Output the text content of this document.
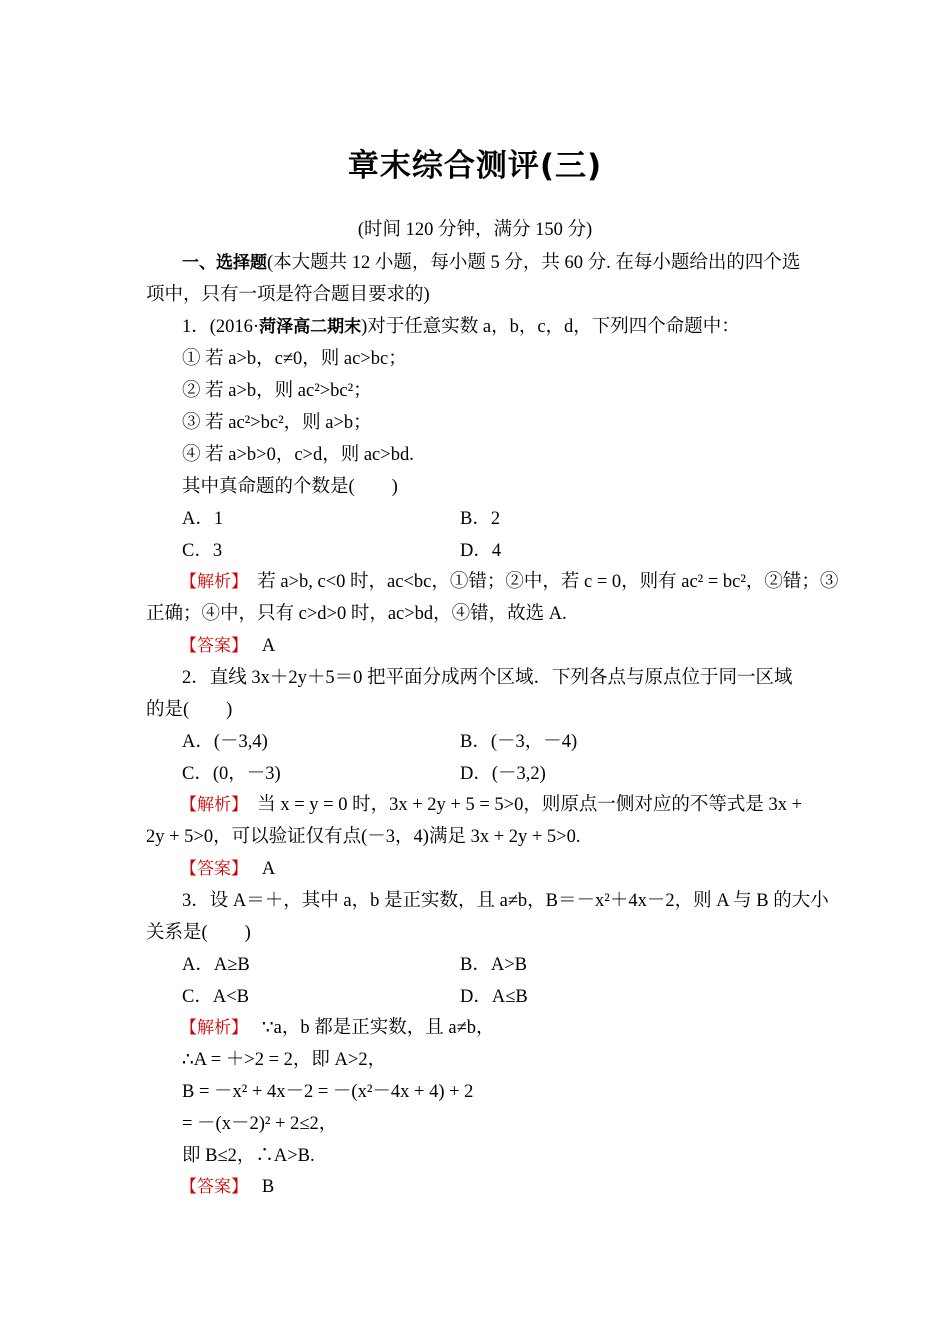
章末综合测评(三)
(时间 120 分钟，满分 150 分)
一、选择题(本大题共 12 小题，每小题 5 分，共 60 分. 在每小题给出的四个选
项中，只有一项是符合题目要求的)
1．(2016·菏泽高二期末)对于任意实数 a，b，c，d，下列四个命题中：
① 若 a>b，c≠0，则 ac>bc；
② 若 a>b，则 ac²>bc²；
③ 若 ac²>bc²，则 a>b；
④ 若 a>b>0，c>d，则 ac>bd.
其中真命题的个数是(　　)
A．1	B．2
C．3	D．4
【解析】 若 a>b, c<0 时，ac<bc，①错；②中，若 c = 0，则有 ac² = bc²，②错；③
正确；④中，只有 c>d>0 时，ac>bd，④错，故选 A.
【答案】 A
2．直线 3x＋2y＋5＝0 把平面分成两个区域．下列各点与原点位于同一区域
的是(　　)
A．(－3,4)	B．(－3，－4)
C．(0，－3)	D．(－3,2)
【解析】 当 x = y = 0 时，3x + 2y + 5 = 5>0，则原点一侧对应的不等式是 3x +
2y + 5>0，可以验证仅有点(－3，4)满足 3x + 2y + 5>0.
【答案】 A
3．设 A＝＋，其中 a，b 是正实数，且 a≠b，B＝－x²＋4x－2，则 A 与 B 的大小
关系是(　　)
A．A≥B	B．A>B
C．A<B	D．A≤B
【解析】 ∵a，b 都是正实数，且 a≠b，
∴A = ＋>2 = 2，即 A>2，
B = －x² + 4x－2 = －(x²－4x + 4) + 2
= －(x－2)² + 2≤2，
即 B≤2，∴A>B.
【答案】 B
